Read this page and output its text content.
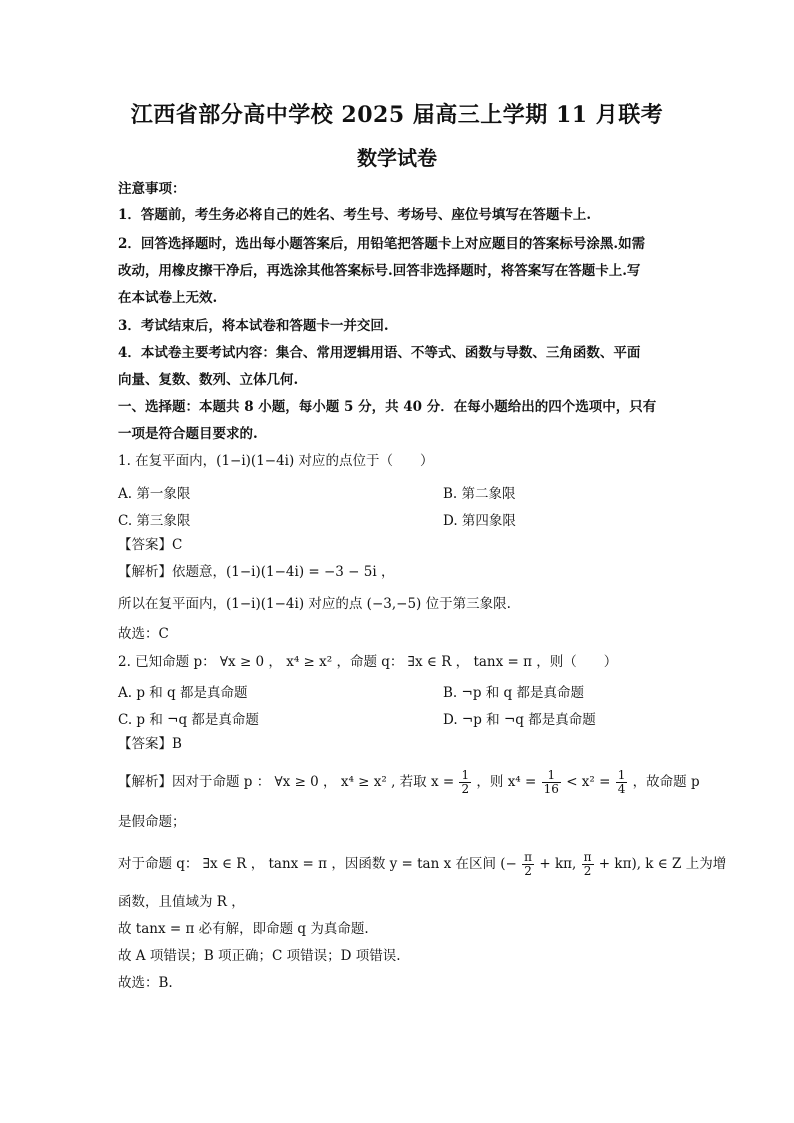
江西省部分高中学校 2025 届高三上学期 11 月联考
数学试卷
注意事项：
1．答题前，考生务必将自己的姓名、考生号、考场号、座位号填写在答题卡上.
2．回答选择题时，选出每小题答案后，用铅笔把答题卡上对应题目的答案标号涂黑.如需
改动，用橡皮擦干净后，再选涂其他答案标号.回答非选择题时，将答案写在答题卡上.写
在本试卷上无效.
3．考试结束后，将本试卷和答题卡一并交回.
4．本试卷主要考试内容：集合、常用逻辑用语、不等式、函数与导数、三角函数、平面
向量、复数、数列、立体几何.
一、选择题：本题共 8 小题，每小题 5 分，共 40 分．在每小题给出的四个选项中，只有
一项是符合题目要求的.
1. 在复平面内，(1−i)(1−4i) 对应的点位于（　　）
A. 第一象限	B. 第二象限
C. 第三象限	D. 第四象限
【答案】C
【解析】依题意，(1−i)(1−4i) = −3 − 5i ，
所以在复平面内，(1−i)(1−4i) 对应的点 (−3,−5) 位于第三象限.
故选：C
2. 已知命题 p： ∀x ≥ 0 ， x⁴ ≥ x² ，命题 q： ∃x ∈ R ， tanx = π ，则（　　）
A. p 和 q 都是真命题	B. ¬p 和 q 都是真命题
C. p 和 ¬q 都是真命题	D. ¬p 和 ¬q 都是真命题
【答案】B
【解析】因对于命题 p ： ∀x ≥ 0 ， x⁴ ≥ x² , 若取 $x = \frac{1}{2}$ ，则 $x^4 = \frac{1}{16} < x^2 = \frac{1}{4}$ ，故命题 p
是假命题；
对于命题 q： ∃x ∈ R ， tanx = π ，因函数 y = tan x 在区间 (− $\frac{\pi}{2} + k\pi$, $\frac{\pi}{2} + k\pi$), k ∈ Z 上为增
函数，且值域为 R ，
故 tanx = π 必有解，即命题 q 为真命题.
故 A 项错误；B 项正确；C 项错误；D 项错误.
故选：B.
